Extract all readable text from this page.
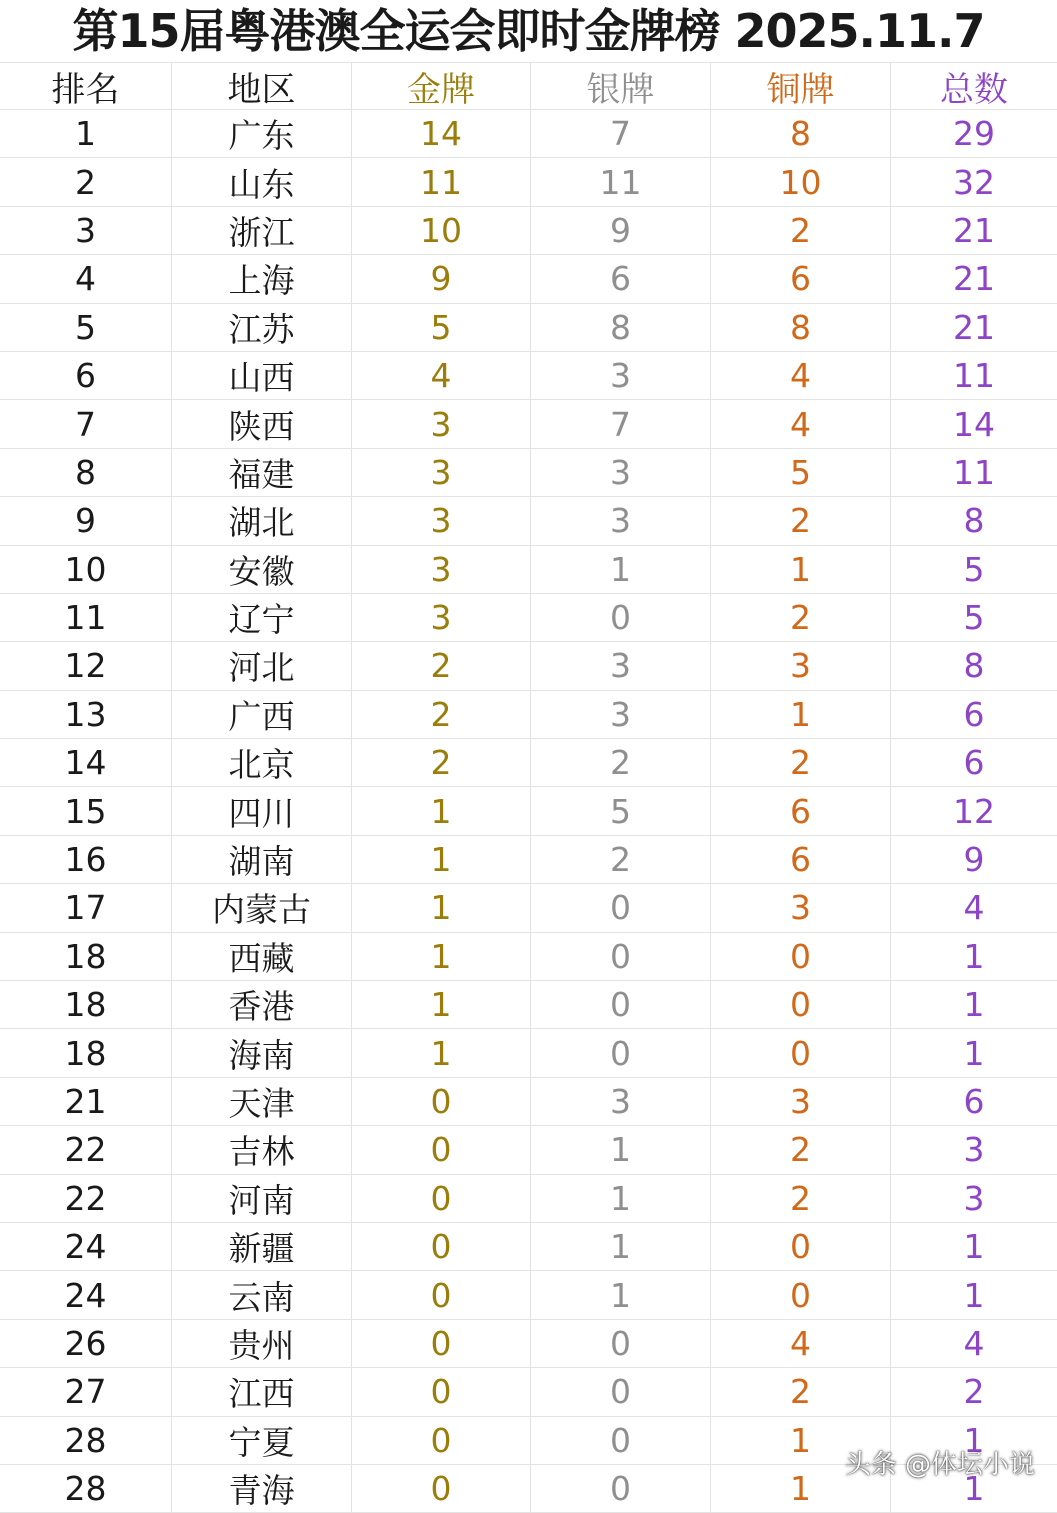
第15届粤港澳全运会即时金牌榜 2025.11.7
排名	地区	金牌	银牌	铜牌	总数
1	广东	14	7	8	29
2	山东	11	11	10	32
3	浙江	10	9	2	21
4	上海	9	6	6	21
5	江苏	5	8	8	21
6	山西	4	3	4	11
7	陕西	3	7	4	14
8	福建	3	3	5	11
9	湖北	3	3	2	8
10	安徽	3	1	1	5
11	辽宁	3	0	2	5
12	河北	2	3	3	8
13	广西	2	3	1	6
14	北京	2	2	2	6
15	四川	1	5	6	12
16	湖南	1	2	6	9
17	内蒙古	1	0	3	4
18	西藏	1	0	0	1
18	香港	1	0	0	1
18	海南	1	0	0	1
21	天津	0	3	3	6
22	吉林	0	1	2	3
22	河南	0	1	2	3
24	新疆	0	1	0	1
24	云南	0	1	0	1
26	贵州	0	0	4	4
27	江西	0	0	2	2
28	宁夏	0	0	1	1
28	青海	0	0	1	1
头条 @体坛小说
